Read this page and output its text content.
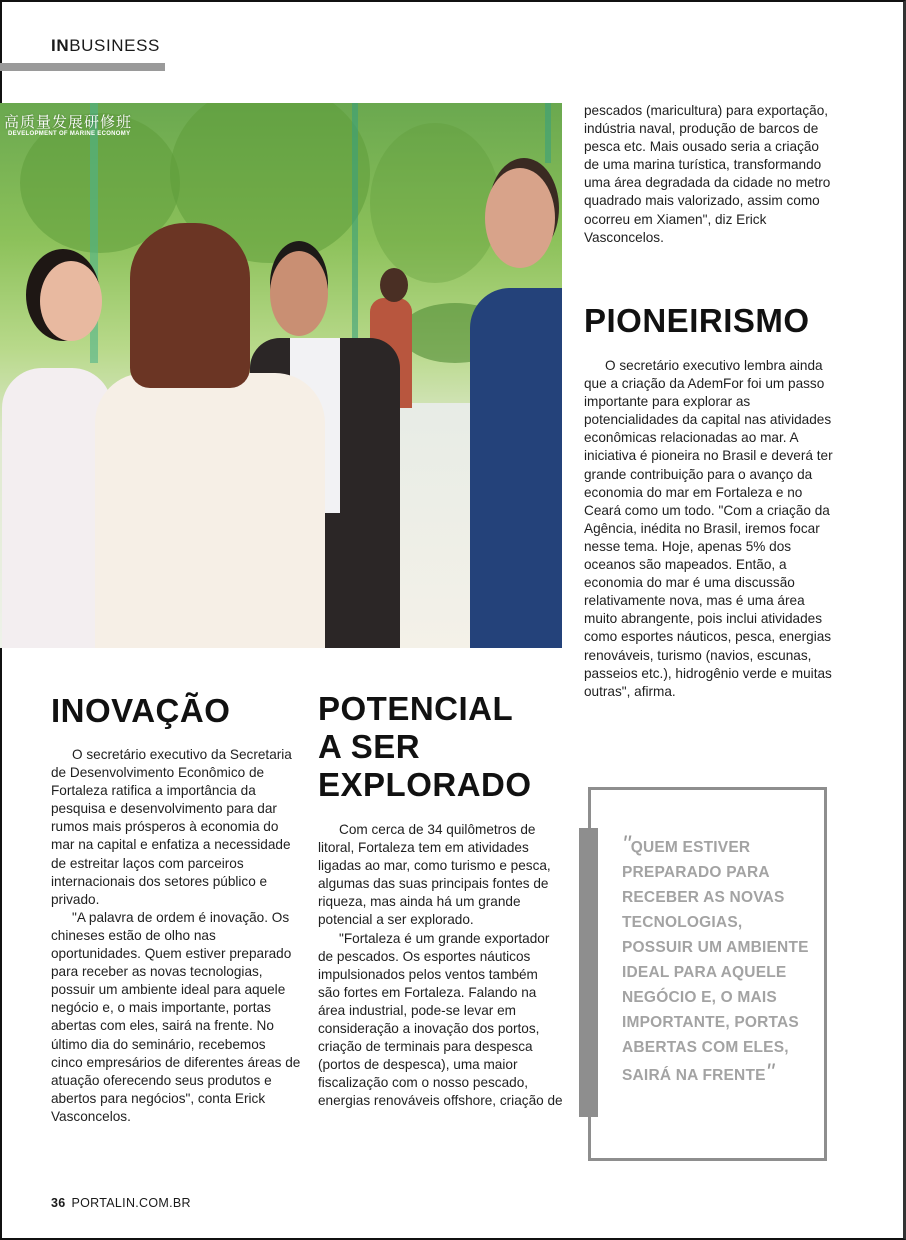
INBUSINESS
高质量发展研修班
DEVELOPMENT OF MARINE ECONOMY
INOVAÇÃO

O secretário executivo da Secretaria de Desenvolvimento Econômico de Fortaleza ratifica a importância da pesquisa e desenvolvimento para dar rumos mais prósperos à economia do mar na capital e enfatiza a necessidade de estreitar laços com parceiros internacionais dos setores público e privado.

"A palavra de ordem é inovação. Os chineses estão de olho nas oportunidades. Quem estiver preparado para receber as novas tecnologias, possuir um ambiente ideal para aquele negócio e, o mais importante, portas abertas com eles, sairá na frente. No último dia do seminário, recebemos cinco empresários de diferentes áreas de atuação oferecendo seus produtos e abertos para negócios", conta Erick Vasconcelos.

POTENCIAL
A SER
EXPLORADO

Com cerca de 34 quilômetros de litoral, Fortaleza tem em atividades ligadas ao mar, como turismo e pesca, algumas das suas principais fontes de riqueza, mas ainda há um grande potencial a ser explorado.

"Fortaleza é um grande exportador de pescados. Os esportes náuticos impulsionados pelos ventos também são fortes em Fortaleza. Falando na área industrial, pode-se levar em consideração a inovação dos portos, criação de terminais para despesca (portos de despesca), uma maior fiscalização com o nosso pescado, energias renováveis offshore, criação de

pescados (maricultura) para exportação, indústria naval, produção de barcos de pesca etc. Mais ousado seria a criação de uma marina turística, transformando uma área degradada da cidade no metro quadrado mais valorizado, assim como ocorreu em Xiamen", diz Erick Vasconcelos.

PIONEIRISMO

O secretário executivo lembra ainda que a criação da AdemFor foi um passo importante para explorar as potencialidades da capital nas atividades econômicas relacionadas ao mar. A iniciativa é pioneira no Brasil e deverá ter grande contribuição para o avanço da economia do mar em Fortaleza e no Ceará como um todo. "Com a criação da Agência, inédita no Brasil, iremos focar nesse tema. Hoje, apenas 5% dos oceanos são mapeados. Então, a economia do mar é uma discussão relativamente nova, mas é uma área muito abrangente, pois inclui atividades como esportes náuticos, pesca, energias renováveis, turismo (navios, escunas, passeios etc.), hidrogênio verde e muitas outras", afirma.

"QUEM ESTIVER PREPARADO PARA RECEBER AS NOVAS TECNOLOGIAS, POSSUIR UM AMBIENTE IDEAL PARA AQUELE NEGÓCIO E, O MAIS IMPORTANTE, PORTAS ABERTAS COM ELES, SAIRÁ NA FRENTE"
36 PORTALIN.COM.BR
